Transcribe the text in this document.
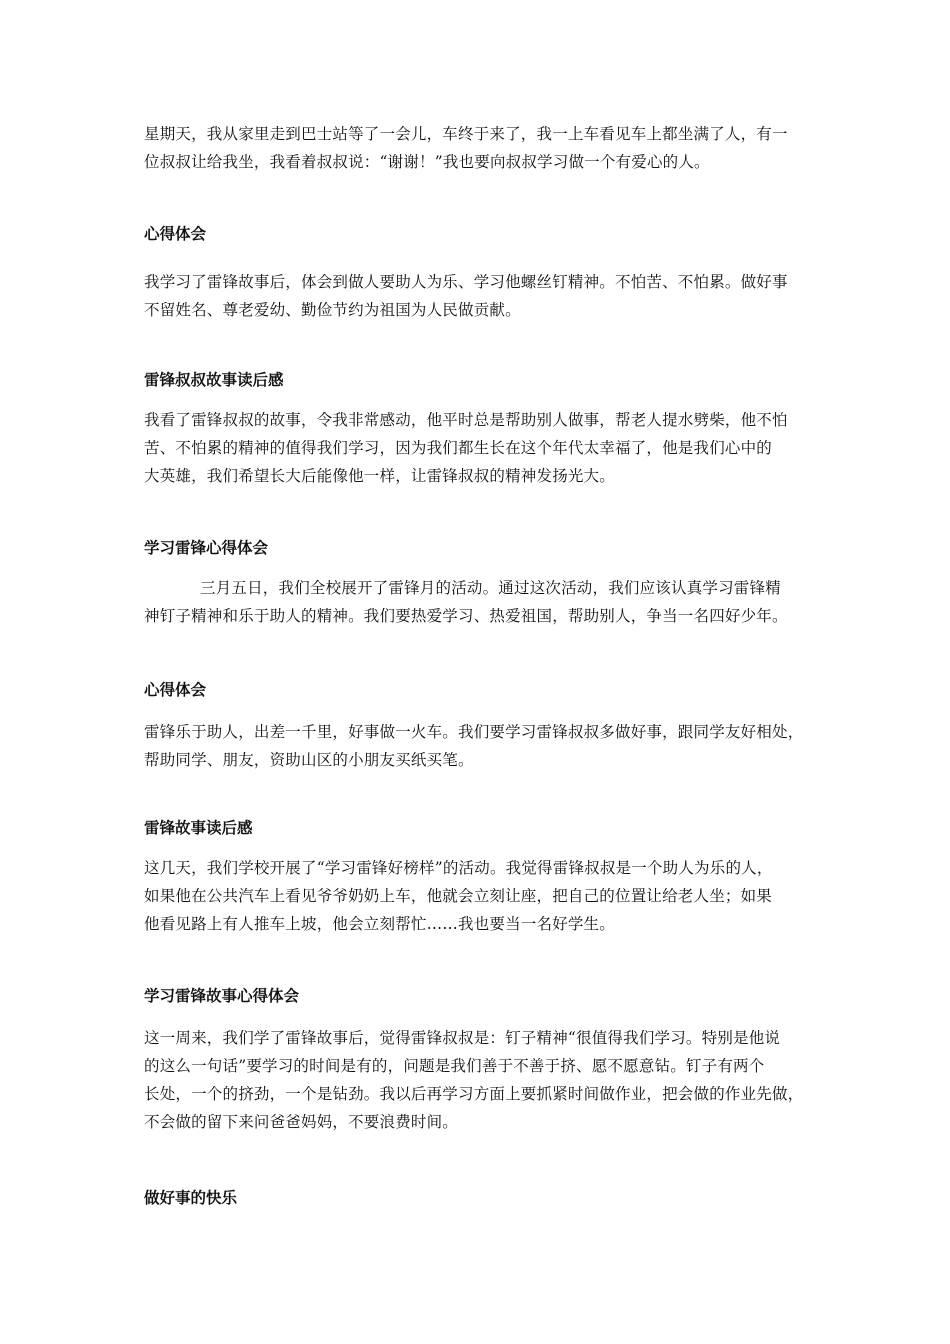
星期天，我从家里走到巴士站等了一会儿，车终于来了，我一上车看见车上都坐满了人，有一
位叔叔让给我坐，我看着叔叔说：“谢谢！”我也要向叔叔学习做一个有爱心的人。

心得体会

我学习了雷锋故事后，体会到做人要助人为乐、学习他螺丝钉精神。不怕苦、不怕累。做好事
不留姓名、尊老爱幼、勤俭节约为祖国为人民做贡献。

雷锋叔叔故事读后感

我看了雷锋叔叔的故事，令我非常感动，他平时总是帮助别人做事，帮老人提水劈柴，他不怕
苦、不怕累的精神的值得我们学习，因为我们都生长在这个年代太幸福了，他是我们心中的
大英雄，我们希望长大后能像他一样，让雷锋叔叔的精神发扬光大。

学习雷锋心得体会

三月五日，我们全校展开了雷锋月的活动。通过这次活动，我们应该认真学习雷锋精
神钉子精神和乐于助人的精神。我们要热爱学习、热爱祖国，帮助别人，争当一名四好少年。

心得体会

雷锋乐于助人，出差一千里，好事做一火车。我们要学习雷锋叔叔多做好事，跟同学友好相处，
帮助同学、朋友，资助山区的小朋友买纸买笔。

雷锋故事读后感

这几天，我们学校开展了“学习雷锋好榜样”的活动。我觉得雷锋叔叔是一个助人为乐的人，
如果他在公共汽车上看见爷爷奶奶上车，他就会立刻让座，把自己的位置让给老人坐；如果
他看见路上有人推车上坡，他会立刻帮忙……我也要当一名好学生。

学习雷锋故事心得体会

这一周来，我们学了雷锋故事后，觉得雷锋叔叔是：钉子精神“很值得我们学习。特别是他说
的这么一句话”要学习的时间是有的，问题是我们善于不善于挤、愿不愿意钻。钉子有两个
长处，一个的挤劲，一个是钻劲。我以后再学习方面上要抓紧时间做作业，把会做的作业先做，
不会做的留下来问爸爸妈妈，不要浪费时间。

做好事的快乐
